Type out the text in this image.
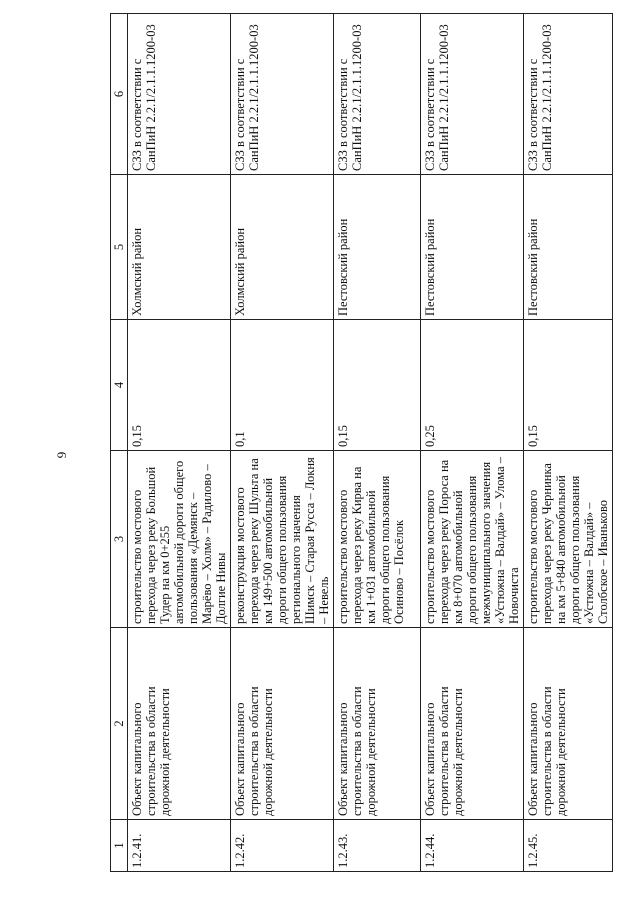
9
1	2	3	4	5	6
1.2.41.	Объект капитального строительства в области дорожной деятельности	строительство мостового перехода через реку Большой Тудер на км 0+255 автомобильной дороги общего пользования «Демянск – Марёво – Холм» – Радилово – Долгие Нивы	0,15	Холмский район	СЗЗ в соответствии с СанПиН 2.2.1/2.1.1.1200-03
1.2.42.	Объект капитального строительства в области дорожной деятельности	реконструкция мостового перехода через реку Шульта на км 149+500 автомобильной дороги общего пользования регионального значения Шимск – Старая Русса – Локня – Невель	0,1	Холмский район	СЗЗ в соответствии с СанПиН 2.2.1/2.1.1.1200-03
1.2.43.	Объект капитального строительства в области дорожной деятельности	строительство мостового перехода через реку Кирва на км 1+031 автомобильной дороги общего пользования Осиново – Посёлок	0,15	Пестовский район	СЗЗ в соответствии с СанПиН 2.2.1/2.1.1.1200-03
1.2.44.	Объект капитального строительства в области дорожной деятельности	строительство мостового перехода через реку Пороса на км 8+070 автомобильной дороги общего пользования межмуниципального значения «Устюжна – Валдай» – Улома – Новочиста	0,25	Пестовский район	СЗЗ в соответствии с СанПиН 2.2.1/2.1.1.1200-03
1.2.45.	Объект капитального строительства в области дорожной деятельности	строительство мостового перехода через реку Чернинка на км 5+840 автомобильной дороги общего пользования «Устюжна – Валдай» – Столбское – Иваньково	0,15	Пестовский район	СЗЗ в соответствии с СанПиН 2.2.1/2.1.1.1200-03
